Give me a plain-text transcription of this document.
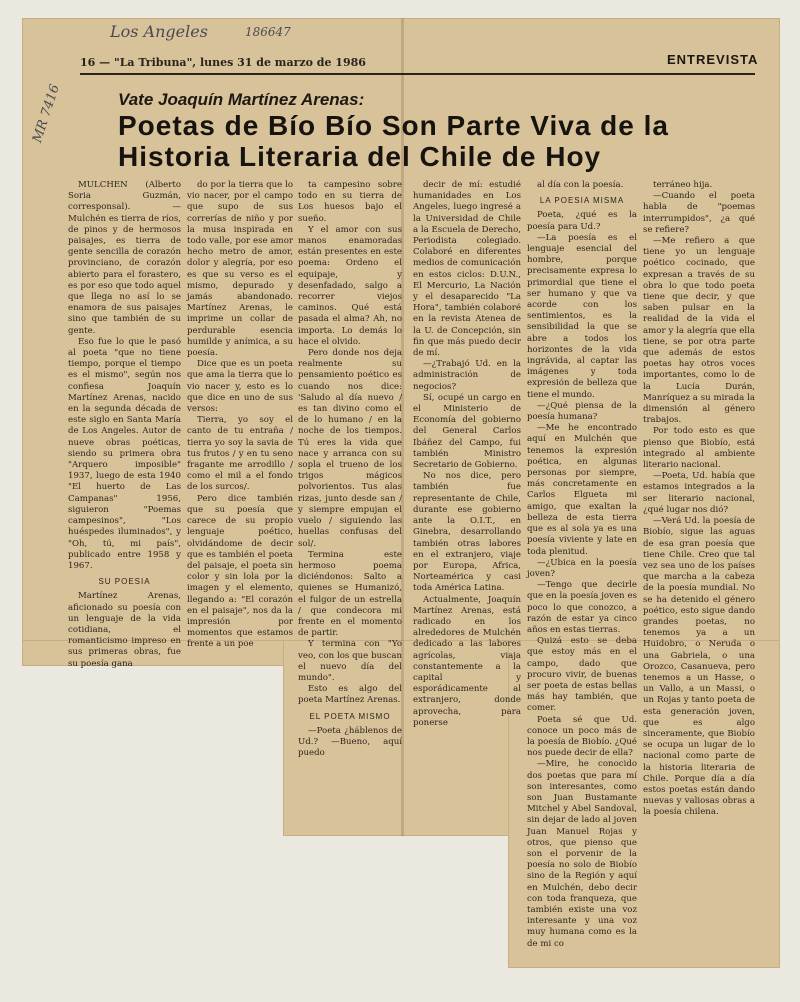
Los Angeles	186647
MR 7416
16 — "La Tribuna", lunes 31 de marzo de 1986	ENTREVISTA
Vate Joaquín Martínez Arenas:
Poetas de Bío Bío Son Parte Viva de la Historia Literaria del Chile de Hoy

MULCHEN (Alberto Soria Guzmán, corresponsal). — Mulchén es tierra de ríos, de pinos y de hermosos paisajes, es tierra de gente sencilla de corazón provinciano, de corazón abierto para el forastero, es por eso que todo aquel que llega no así lo se enamora de sus paisajes sino que también de su gente.

Eso fue lo que le pasó al poeta "que no tiene tiempo, porque el tiempo es el mismo", según nos confiesa Joaquín Martínez Arenas, nacido en la segunda década de este siglo en Santa María de Los Angeles. Autor de nueve obras poéticas, siendo su primera obra "Arquero imposible" 1937, luego de esta 1940 "El huerto de Las Campanas" 1956, siguieron "Poemas campesinos", "Los huéspedes iluminados", y "Oh, tú, mi país", publicado entre 1958 y 1967.

SU POESIA

Martínez Arenas, aficionado su poesía con un lenguaje de la vida cotidiana, el romanticismo impreso en sus primeras obras, fue su poesía gana

do por la tierra que lo vio nacer, por el campo que supo de sus correrías de niño y por la musa inspirada en todo valle, por ese amor hecho metro de amor, dolor y alegría, por eso es que su verso es el mismo, depurado y jamás abandonado. Martínez Arenas, le imprime un collar de perdurable esencia humilde y anímica, a su poesía.

Dice que es un poeta que ama la tierra que lo vio nacer y, esto es lo que dice en uno de sus versos:

Tierra, yo soy el canto de tu entraña / tierra yo soy la savia de tus frutos / y en tu seno fragante me arrodillo / como el mil a el fondo de los surcos/.

Pero dice también que su poesía que carece de su propio lenguaje poético, olvidándome de decir que es también el poeta del paisaje, el poeta sin color y sin lola por la imagen y el elemento, llegando a: "El corazón en el paisaje", nos da la impresión por momentos que estamos frente a un poe

ta campesino sobre todo en su tierra de Los huesos bajo el sueño.

Y el amor con sus manos enamoradas están presentes en este poema: Ordeno el equipaje, y desenfadado, salgo a recorrer viejos caminos. Qué está pasada el alma? Ah, no importa. Lo demás lo hace el olvido.

Pero donde nos deja realmente su pensamiento poético es cuando nos dice: 'Saludo al día nuevo / es tan divino como el de lo humano / en la noche de los tiempos. Tú eres la vida que nace y arranca con su sopla el trueno de los trigos mágicos polvorientos. Tus alas rizas, junto desde san / y siempre empujan el vuelo / siguiendo las huellas confusas del sol/.

Termina este hermoso poema diciéndonos: Salto a quienes se Humanizó, el fulgor de un estrella / que condecora mi frente en el momento de partir.

Y termina con "Yo veo, con los que buscan el nuevo día del mundo".

Esto es algo del poeta Martínez Arenas.

EL POETA MISMO

—Poeta ¿háblenos de Ud.? —Bueno, aquí puedo

decir de mí: estudié humanidades en Los Angeles, luego ingresé a la Universidad de Chile a la Escuela de Derecho, Periodista colegiado. Colaboré en diferentes medios de comunicación en estos ciclos: D.U.N., El Mercurio, La Nación y el desaparecido "La Hora", también colaboré en la revista Atenea de la U. de Concepción, sin fin que más puedo decir de mí.

—¿Trabajó Ud. en la administración de negocios?

Sí, ocupé un cargo en el Ministerio de Economía del gobierno del General Carlos Ibáñez del Campo, fui también Ministro Secretario de Gobierno.

No nos dice, pero también fue representante de Chile, durante ese gobierno ante la O.I.T., en Ginebra, desarrollando también otras labores en el extranjero, viaje por Europa, Africa, Norteamérica y casi toda América Latina.

Actualmente, Joaquín Martínez Arenas, está radicado en los alrededores de Mulchén dedicado a las labores agrícolas, viaja constantemente a la capital y esporádicamente al extranjero, donde aprovecha, para ponerse

al día con la poesía.

LA POESIA MISMA

Poeta, ¿qué es la poesía para Ud.?

—La poesía es el lenguaje esencial del hombre, porque precisamente expresa lo primordial que tiene el ser humano y que va acorde con los sentimientos, es la sensibilidad la que se abre a todos los horizontes de la vida ingrávida, al captar las imágenes y toda expresión de belleza que tiene el mundo.

—¿Qué piensa de la poesía humana?

—Me he encontrado aquí en Mulchén que tenemos la expresión poética, en algunas personas por siempre, más concretamente en Carlos Elgueta mi amigo, que exaltan la belleza de esta tierra que es al sola ya es una poesía viviente y late en toda plenitud.

—¿Ubica en la poesía joven?

—Tengo que decirle que en la poesía joven es poco lo que conozco, a razón de estar ya cinco años en estas tierras.

Quizá esto se deba que estoy más en el campo, dado que procuro vivir, de buenas ser poeta de estas bellas más hay también, que comer.

Poeta sé que Ud. conoce un poco más de la poesía de Biobío. ¿Qué nos puede decir de ella?

—Mire, he conocido dos poetas que para mí son interesantes, como son Juan Bustamante Mitchel y Abel Sandoval, sin dejar de lado al joven Juan Manuel Rojas y otros, que pienso que son el porvenir de la poesía no solo de Biobío sino de la Región y aquí en Mulchén, debo decir con toda franqueza, que también existe una voz interesante y una voz muy humana como es la de mi co

terráneo hija.

—Cuando el poeta habla de "poemas interrumpidos", ¿a qué se refiere?

—Me refiero a que tiene yo un lenguaje poético cocinado, que expresan a través de su obra lo que todo poeta tiene que decir, y que saben pulsar en la realidad de la vida el amor y la alegría que ella tiene, se por otra parte que además de estos poetas hay otros voces importantes, como lo de la Lucía Durán, Manríquez a su mirada la dimensión al género trabajos.

Por todo esto es que pienso que Biobío, está integrado al ambiente literario nacional.

—Poeta, Ud. había que estamos integrados a la ser literario nacional, ¿qué lugar nos dió?

—Verá Ud. la poesía de Biobío, sigue las aguas de esa gran poesía que tiene Chile. Creo que tal vez sea uno de los países que marcha a la cabeza de la poesía mundial. No se ha detenido el género poético, esto sigue dando grandes poetas, no tenemos ya a un Huidobro, o Neruda o una Gabriela, o una Orozco, Casanueva, pero tenemos a un Hasse, o un Vallo, a un Massi, o un Rojas y tanto poeta de esta generación joven, que es algo sinceramente, que Biobío se ocupa un lugar de lo nacional como parte de la historia literaria de Chile. Porque día a día estos poetas están dando nuevas y valiosas obras a la poesía chilena.
